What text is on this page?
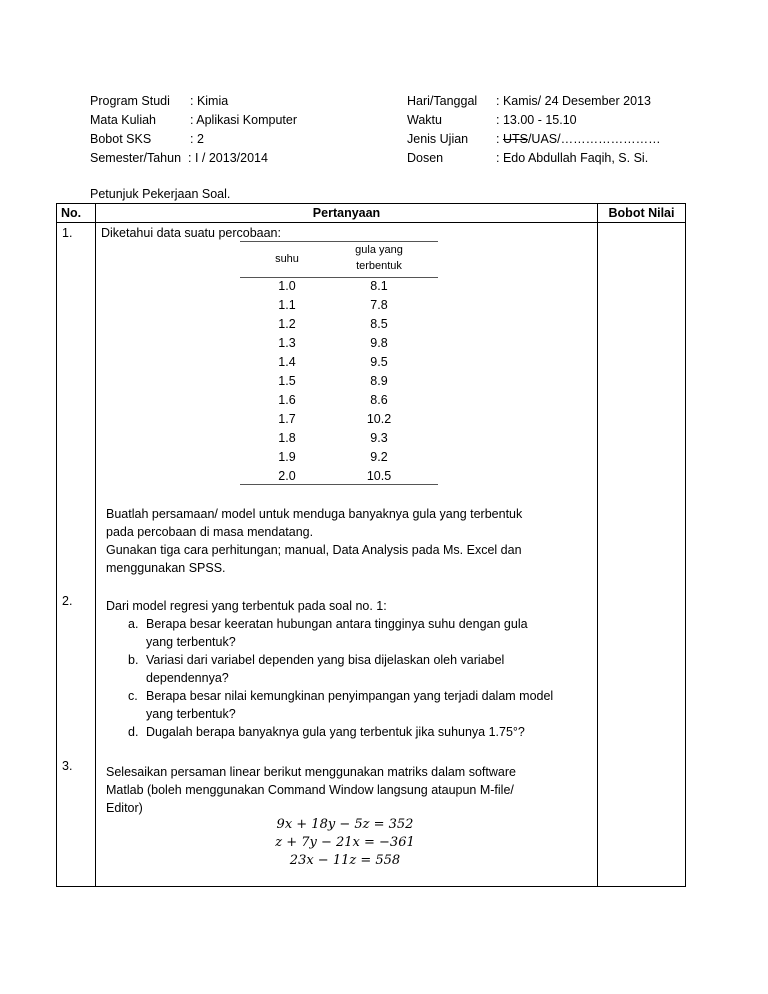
Program Studi : Kimia
Mata Kuliah	: Aplikasi Komputer
Bobot SKS	: 2
Semester/Tahun : I / 2013/2014
Hari/Tanggal : Kamis/ 24 Desember 2013
Waktu	: 13.00 - 15.10
Jenis Ujian : UTS/UAS/……………………
Dosen	: Edo Abdullah Faqih, S. Si.
Petunjuk Pekerjaan Soal.
No.	Pertanyaan	Bobot Nilai
1. Diketahui data suatu percobaan:
suhu
gula yang
terbentuk
1.0	8.1
1.1	7.8
1.2	8.5
1.3	9.8
1.4	9.5
1.5	8.9
1.6	8.6
1.7	10.2
1.8	9.3
1.9	9.2
2.0	10.5
Buatlah persamaan/ model untuk menduga banyaknya gula yang terbentuk
pada percobaan di masa mendatang.
Gunakan tiga cara perhitungan; manual, Data Analysis pada Ms. Excel dan
menggunakan SPSS.
2.	Dari model regresi yang terbentuk pada soal no. 1:
a. Berapa besar keeratan hubungan antara tingginya suhu dengan gula
yang terbentuk?
b. Variasi dari variabel dependen yang bisa dijelaskan oleh variabel
dependennya?
c. Berapa besar nilai kemungkinan penyimpangan yang terjadi dalam model
yang terbentuk?
d. Dugalah berapa banyaknya gula yang terbentuk jika suhunya 1.75°?
3.	Selesaikan persaman linear berikut menggunakan matriks dalam software
Matlab (boleh menggunakan Command Window langsung ataupun M-file/
Editor)
9x + 18y − 5z = 352
z + 7y − 21x = −361
23x − 11z = 558
